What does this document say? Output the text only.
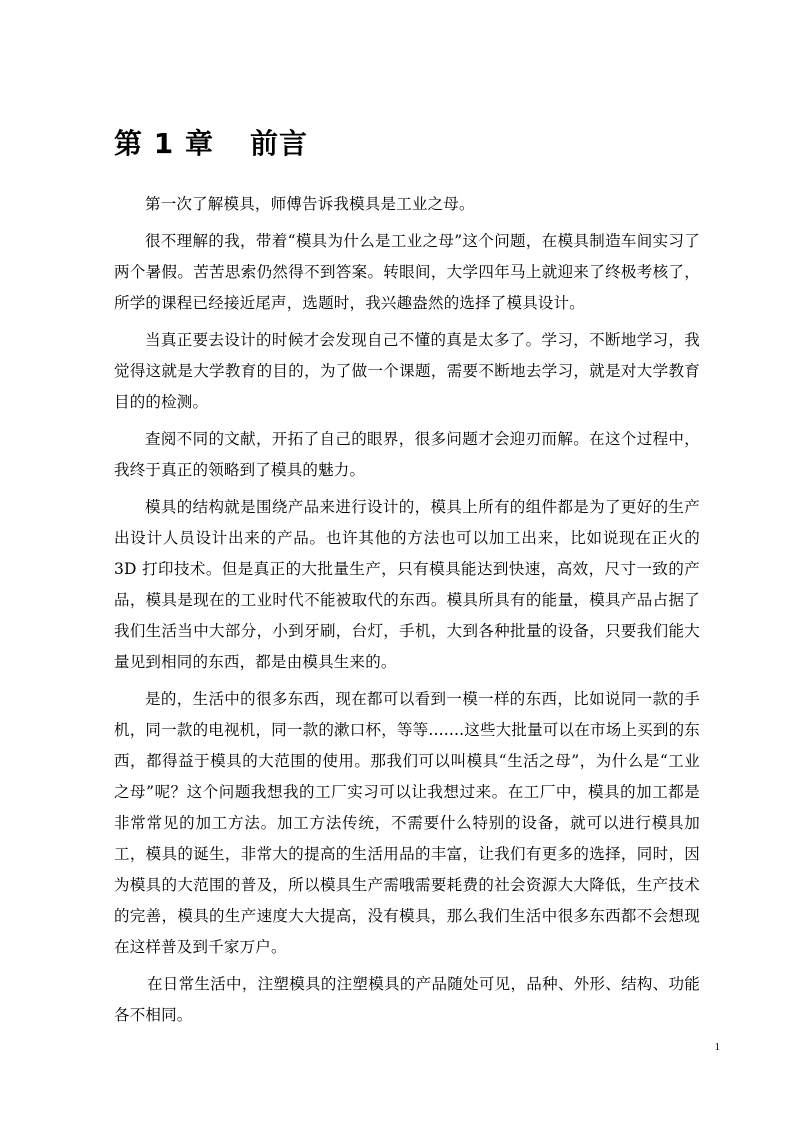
第 1 章 前言

第一次了解模具，师傅告诉我模具是工业之母。

很不理解的我，带着“模具为什么是工业之母”这个问题，在模具制造车间实习了两个暑假。苦苦思索仍然得不到答案。转眼间，大学四年马上就迎来了终极考核了，所学的课程已经接近尾声，选题时，我兴趣盎然的选择了模具设计。

当真正要去设计的时候才会发现自己不懂的真是太多了。学习，不断地学习，我觉得这就是大学教育的目的，为了做一个课题，需要不断地去学习，就是对大学教育目的的检测。

查阅不同的文献，开拓了自己的眼界，很多问题才会迎刃而解。在这个过程中，我终于真正的领略到了模具的魅力。

模具的结构就是围绕产品来进行设计的，模具上所有的组件都是为了更好的生产出设计人员设计出来的产品。也许其他的方法也可以加工出来，比如说现在正火的 3D 打印技术。但是真正的大批量生产，只有模具能达到快速，高效，尺寸一致的产品，模具是现在的工业时代不能被取代的东西。模具所具有的能量，模具产品占据了我们生活当中大部分，小到牙刷，台灯，手机，大到各种批量的设备，只要我们能大量见到相同的东西，都是由模具生来的。

是的，生活中的很多东西，现在都可以看到一模一样的东西，比如说同一款的手机，同一款的电视机，同一款的漱口杯，等等.......这些大批量可以在市场上买到的东西，都得益于模具的大范围的使用。那我们可以叫模具“生活之母”，为什么是“工业之母”呢？这个问题我想我的工厂实习可以让我想过来。在工厂中，模具的加工都是非常常见的加工方法。加工方法传统，不需要什么特别的设备，就可以进行模具加工，模具的诞生，非常大的提高的生活用品的丰富，让我们有更多的选择，同时，因为模具的大范围的普及，所以模具生产需哦需要耗费的社会资源大大降低，生产技术的完善，模具的生产速度大大提高，没有模具，那么我们生活中很多东西都不会想现在这样普及到千家万户。

在日常生活中，注塑模具的注塑模具的产品随处可见，品种、外形、结构、功能各不相同。

1
